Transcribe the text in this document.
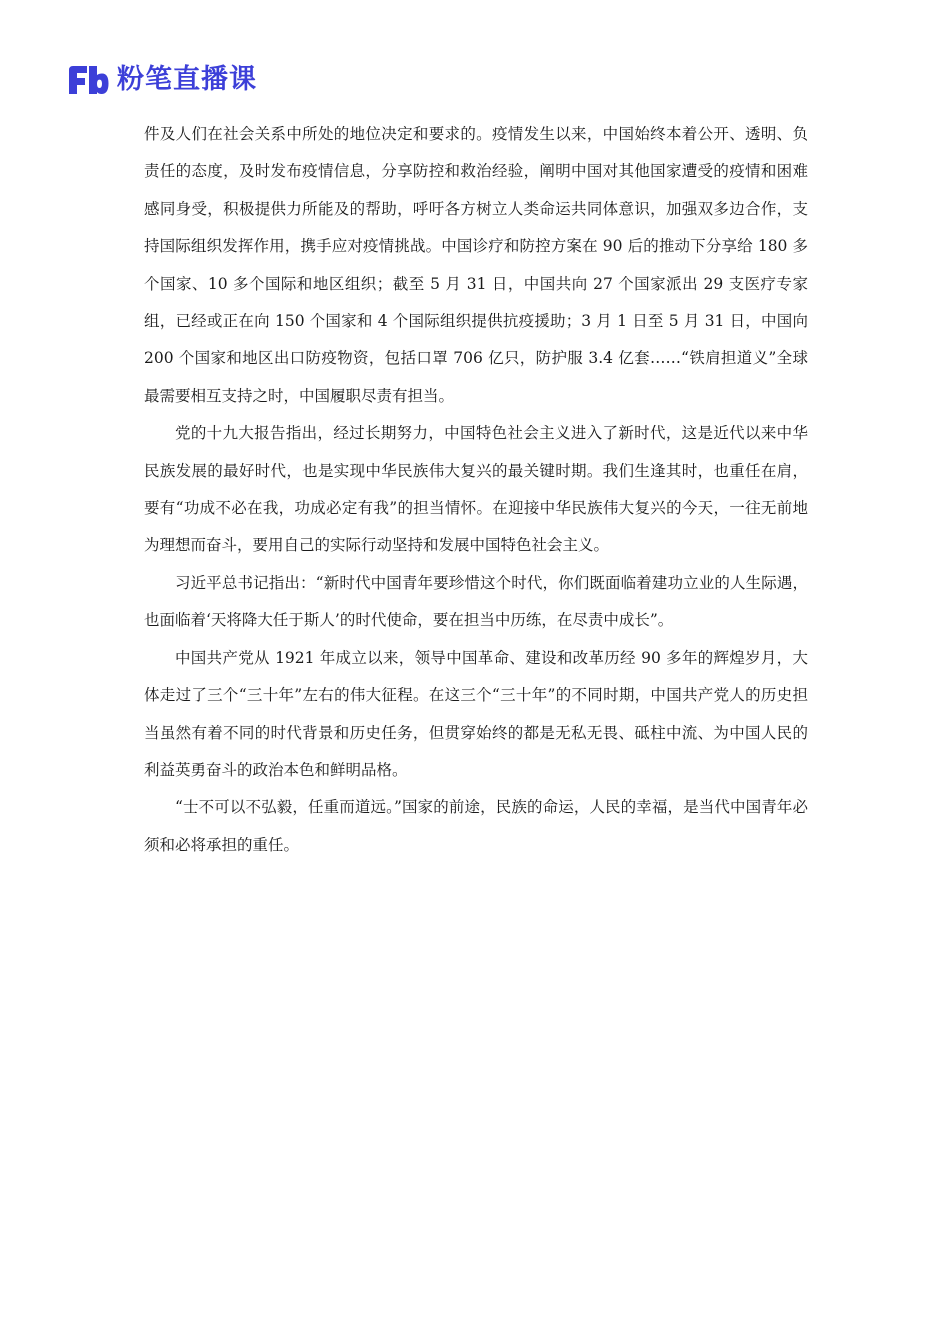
粉笔直播课

件及人们在社会关系中所处的地位决定和要求的。疫情发生以来，中国始终本着公开、透明、负责任的态度，及时发布疫情信息，分享防控和救治经验，阐明中国对其他国家遭受的疫情和困难感同身受，积极提供力所能及的帮助，呼吁各方树立人类命运共同体意识，加强双多边合作，支持国际组织发挥作用，携手应对疫情挑战。中国诊疗和防控方案在 90 后的推动下分享给 180 多个国家、10 多个国际和地区组织；截至 5 月 31 日，中国共向 27 个国家派出 29 支医疗专家组，已经或正在向 150 个国家和 4 个国际组织提供抗疫援助；3 月 1 日至 5 月 31 日，中国向 200 个国家和地区出口防疫物资，包括口罩 706 亿只，防护服 3.4 亿套……“铁肩担道义”全球最需要相互支持之时，中国履职尽责有担当。

党的十九大报告指出，经过长期努力，中国特色社会主义进入了新时代，这是近代以来中华民族发展的最好时代，也是实现中华民族伟大复兴的最关键时期。我们生逢其时，也重任在肩，要有“功成不必在我，功成必定有我”的担当情怀。在迎接中华民族伟大复兴的今天，一往无前地为理想而奋斗，要用自己的实际行动坚持和发展中国特色社会主义。

习近平总书记指出：“新时代中国青年要珍惜这个时代，你们既面临着建功立业的人生际遇，也面临着‘天将降大任于斯人’的时代使命，要在担当中历练，在尽责中成长”。

中国共产党从 1921 年成立以来，领导中国革命、建设和改革历经 90 多年的辉煌岁月，大体走过了三个“三十年”左右的伟大征程。在这三个“三十年”的不同时期，中国共产党人的历史担当虽然有着不同的时代背景和历史任务，但贯穿始终的都是无私无畏、砥柱中流、为中国人民的利益英勇奋斗的政治本色和鲜明品格。

“士不可以不弘毅，任重而道远。”国家的前途，民族的命运，人民的幸福，是当代中国青年必须和必将承担的重任。
